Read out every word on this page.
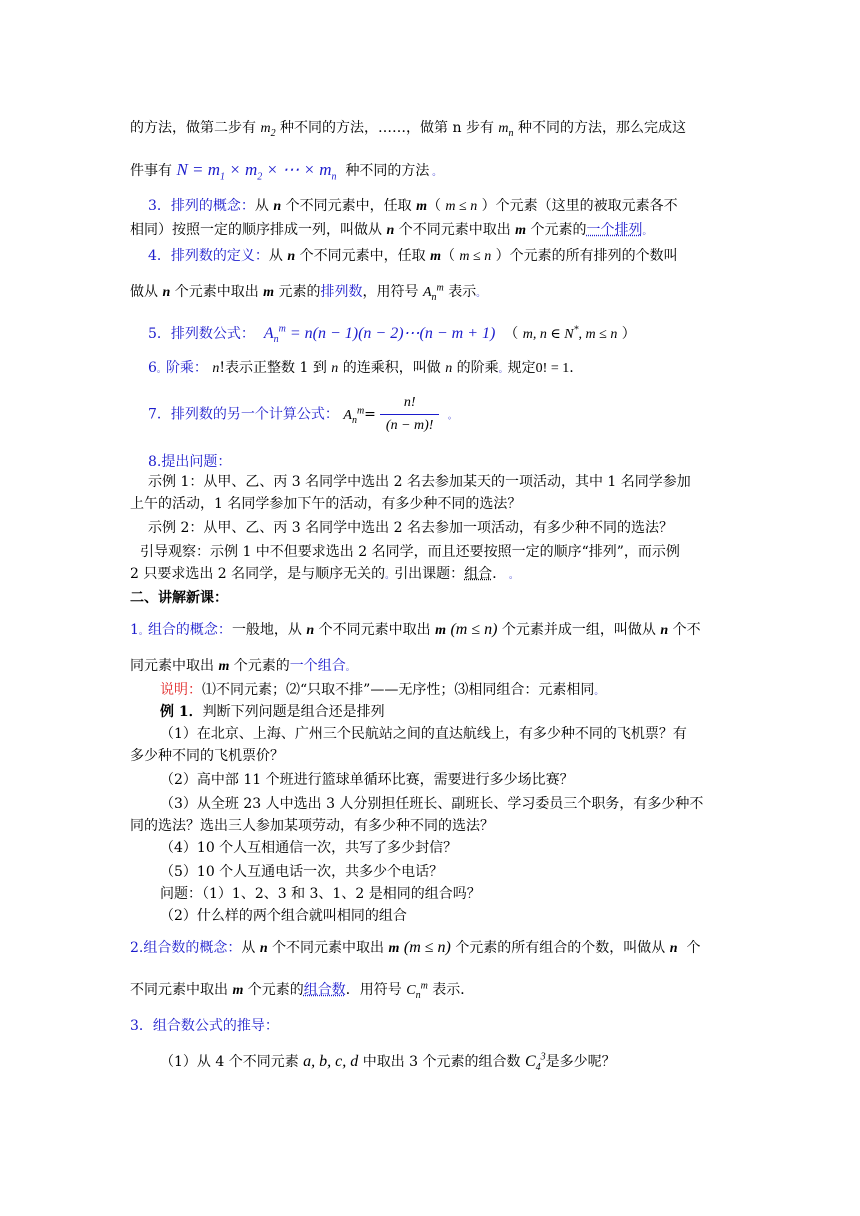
的方法，做第二步有 $m_2$ 种不同的方法，……，做第 n 步有 $m_n$ 种不同的方法，那么完成这
件事有 $N = m_1 \times m_2$ × ⋯ × $m_n$ 种不同的方法 。
3．排列的概念：从 n 个不同元素中，任取 m（ m ≤ n ）个元素（这里的被取元素各不
相同）按照一定的顺序排成一列，叫做从 n 个不同元素中取出 m 个元素的一个排列。
4．排列数的定义：从 n 个不同元素中，任取 m（ m ≤ n ）个元素的所有排列的个数叫
做从 n 个元素中取出 m 元素的排列数，用符号 $A_n^m$ 表示。
5．排列数公式： $A_n^m = n(n - 1)(n$ − 2)⋯(n − m + 1)  （ m, n ∈ N*, m ≤ n ）
6。阶乘： n!表示正整数 1 到 n 的连乘积，叫做 n 的阶乘。规定0! = 1.
7．排列数的另一个计算公式： $A_n^m= \frac{n!}{(n - m)!}$ 。
8.提出问题：
示例 1：从甲、乙、丙 3 名同学中选出 2 名去参加某天的一项活动，其中 1 名同学参加
上午的活动，1 名同学参加下午的活动，有多少种不同的选法？
示例 2：从甲、乙、丙 3 名同学中选出 2 名去参加一项活动，有多少种不同的选法？
引导观察：示例 1 中不但要求选出 2 名同学，而且还要按照一定的顺序“排列”，而示例
2 只要求选出 2 名同学，是与顺序无关的。引出课题：组合． 。
二、讲解新课：
1。组合的概念：一般地，从 n 个不同元素中取出 m (m ≤ n) 个元素并成一组，叫做从 n 个不
同元素中取出 m 个元素的一个组合。
说明：⑴不同元素；⑵“只取不排”——无序性；⑶相同组合：元素相同。
例 1．判断下列问题是组合还是排列
（1）在北京、上海、广州三个民航站之间的直达航线上，有多少种不同的飞机票？有
多少种不同的飞机票价？
（2）高中部 11 个班进行篮球单循环比赛，需要进行多少场比赛？
（3）从全班 23 人中选出 3 人分别担任班长、副班长、学习委员三个职务，有多少种不
同的选法？选出三人参加某项劳动，有多少种不同的选法？
（4）10 个人互相通信一次，共写了多少封信？
（5）10 个人互通电话一次，共多少个电话？
问题：（1）1、2、3 和 3、1、2 是相同的组合吗？
（2）什么样的两个组合就叫相同的组合
2.组合数的概念：从 n 个不同元素中取出 m (m ≤ n) 个元素的所有组合的个数，叫做从 n 个
不同元素中取出 m 个元素的组合数．用符号 $C_n^m$ 表示．
3．组合数公式的推导：
（1）从 4 个不同元素 a, b, c, d 中取出 3 个元素的组合数 $C_4^3$是多少呢？
